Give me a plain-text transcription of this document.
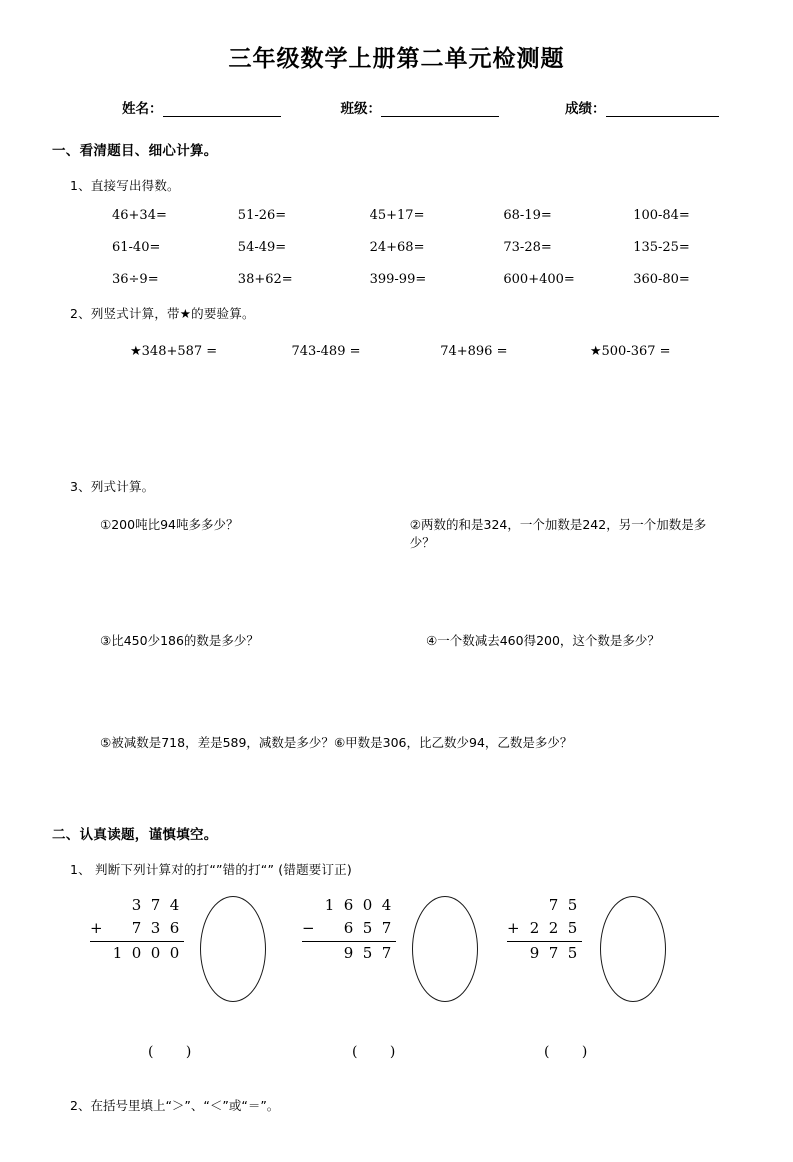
三年级数学上册第二单元检测题
姓名：	班级：	成绩：
一、看清题目、细心计算。
1、直接写出得数。
46+34=	51-26=	45+17=	68-19=	100-84=
61-40=	54-49=	24+68=	73-28=	135-25=
36÷9=	38+62=	399-99=	600+400=	360-80=
2、列竖式计算，带★的要验算。
★348+587 =	743-489 =	74+896 =	★500-367 =
3、列式计算。
①200吨比94吨多多少？	②两数的和是324，一个加数是242，另一个加数是多少？
③比450少186的数是多少？	④一个数减去460得200，这个数是多少？
⑤被减数是718，差是589，减数是多少？ ⑥甲数是306，比乙数少94，乙数是多少？
二、认真读题，谨慎填空。
1、 判断下列计算对的打“”错的打“” (错题要订正)
3 7 4
+	7 3 6
1 0 0 0
1 6 0 4
−	6 5 7
9 5 7
7 5
+ 2 2 5
9 7 5
( )	( )	( )
2、在括号里填上“＞”、“＜”或“＝”。
